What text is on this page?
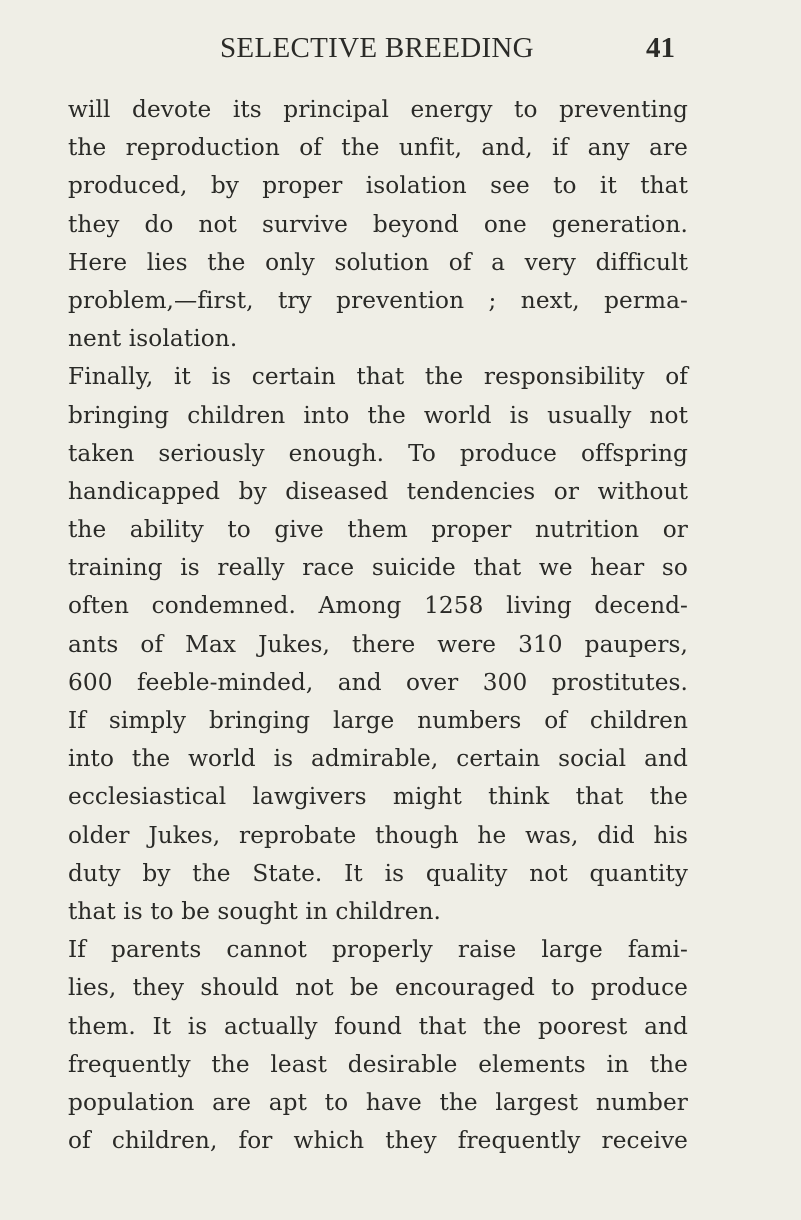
SELECTIVE BREEDING	41
will devote its principal energy to preventing
the reproduction of the unfit, and, if any are
produced, by proper isolation see to it that
they do not survive beyond one generation.
Here lies the only solution of a very difficult
problem,—first, try prevention ; next, perma-
nent isolation.
Finally, it is certain that the responsibility of
bringing children into the world is usually not
taken seriously enough. To produce offspring
handicapped by diseased tendencies or without
the ability to give them proper nutrition or
training is really race suicide that we hear so
often condemned. Among 1258 living decend-
ants of Max Jukes, there were 310 paupers,
600 feeble-minded, and over 300 prostitutes.
If simply bringing large numbers of children
into the world is admirable, certain social and
ecclesiastical lawgivers might think that the
older Jukes, reprobate though he was, did his
duty by the State. It is quality not quantity
that is to be sought in children.
If parents cannot properly raise large fami-
lies, they should not be encouraged to produce
them. It is actually found that the poorest and
frequently the least desirable elements in the
population are apt to have the largest number
of children, for which they frequently receive
